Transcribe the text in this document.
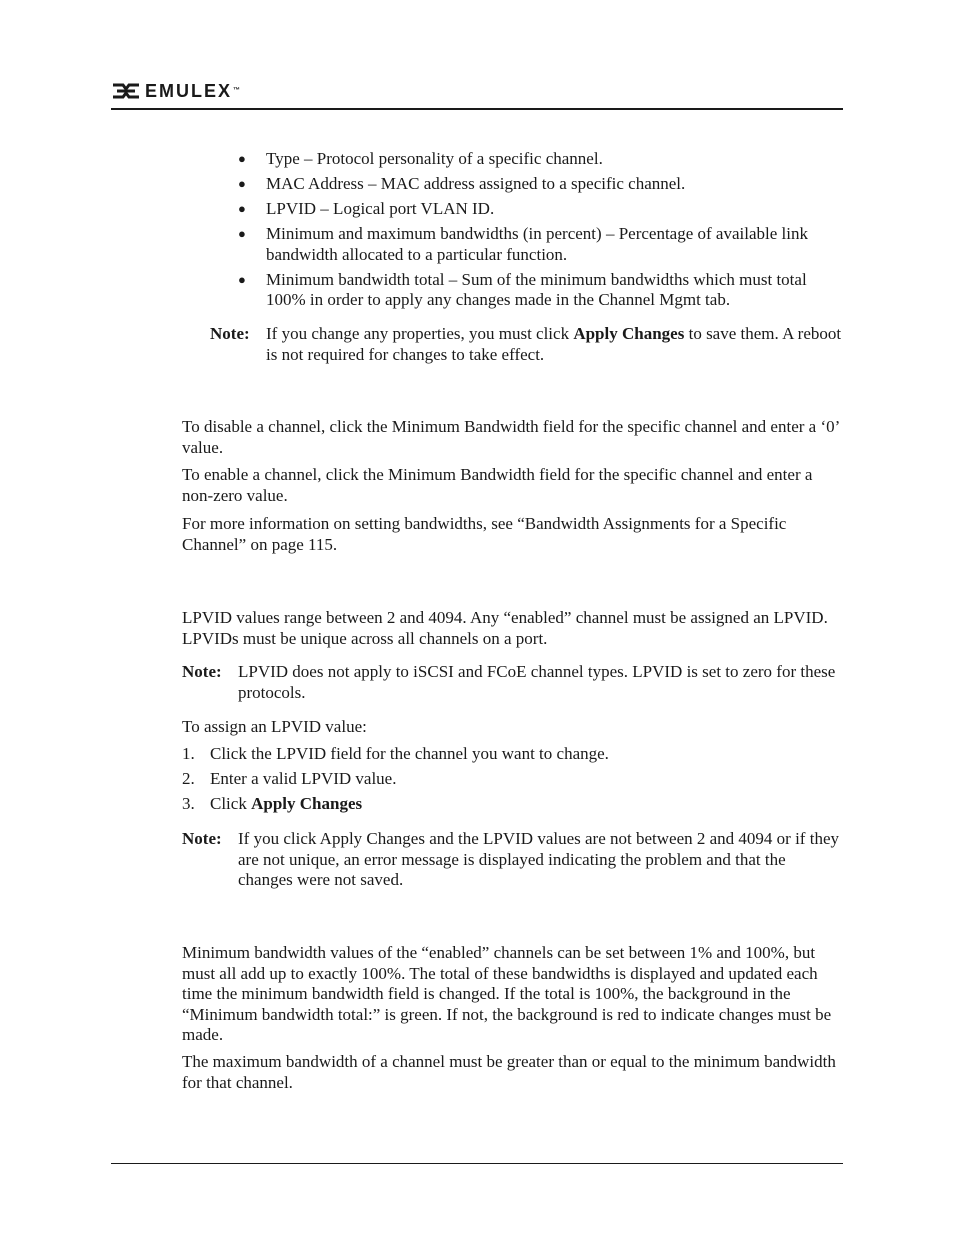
EMULEX™
● Type – Protocol personality of a specific channel.
● MAC Address – MAC address assigned to a specific channel.
● LPVID – Logical port VLAN ID.
● Minimum and maximum bandwidths (in percent) – Percentage of available link bandwidth allocated to a particular function.
● Minimum bandwidth total – Sum of the minimum bandwidths which must total 100% in order to apply any changes made in the Channel Mgmt tab.
Note: If you change any properties, you must click Apply Changes to save them. A reboot is not required for changes to take effect.

To disable a channel, click the Minimum Bandwidth field for the specific channel and enter a ‘0’ value.

To enable a channel, click the Minimum Bandwidth field for the specific channel and enter a non-zero value.

For more information on setting bandwidths, see “Bandwidth Assignments for a Specific Channel” on page 115.

LPVID values range between 2 and 4094. Any “enabled” channel must be assigned an LPVID. LPVIDs must be unique across all channels on a port.

Note: LPVID does not apply to iSCSI and FCoE channel types. LPVID is set to zero for these protocols.

To assign an LPVID value:

1. Click the LPVID field for the channel you want to change.
2. Enter a valid LPVID value.
3. Click Apply Changes
Note: If you click Apply Changes and the LPVID values are not between 2 and 4094 or if they are not unique, an error message is displayed indicating the problem and that the changes were not saved.

Minimum bandwidth values of the “enabled” channels can be set between 1% and 100%, but must all add up to exactly 100%. The total of these bandwidths is displayed and updated each time the minimum bandwidth field is changed. If the total is 100%, the background in the “Minimum bandwidth total:” is green. If not, the background is red to indicate changes must be made.

The maximum bandwidth of a channel must be greater than or equal to the minimum bandwidth for that channel.
